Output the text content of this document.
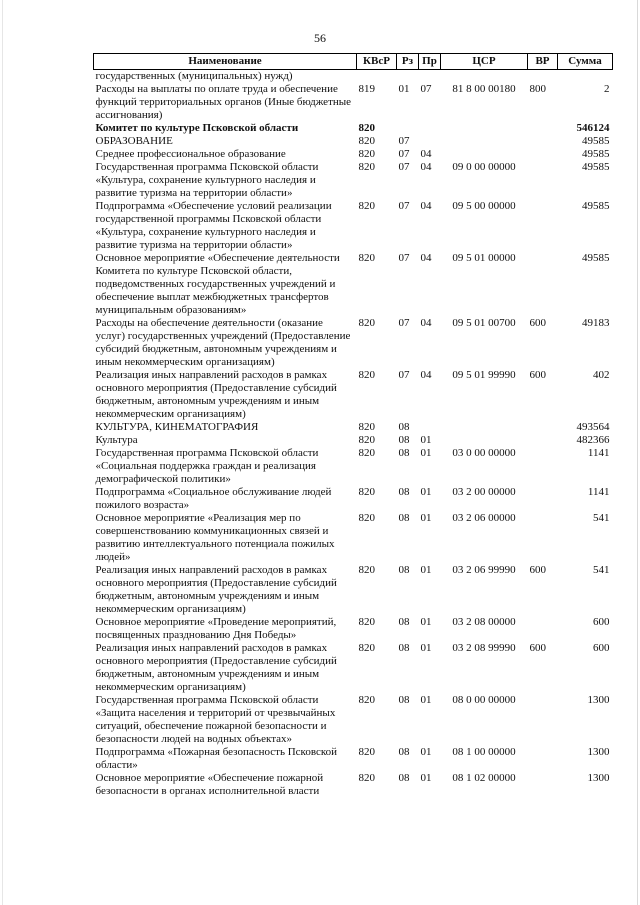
56
Наименование	КВсР	Рз	Пр	ЦСР	ВР	Сумма
государственных (муниципальных) нужд)						
Расходы на выплаты по оплате труда и обеспечение функций территориальных органов (Иные бюджетные ассигнования)	819	01	07	81 8 00 00180	800	2
Комитет по культуре Псковской области	820					546124
ОБРАЗОВАНИЕ	820	07				49585
Среднее профессиональное образование	820	07	04			49585
Государственная программа Псковской области «Культура, сохранение культурного наследия и развитие туризма на территории области»	820	07	04	09 0 00 00000		49585
Подпрограмма «Обеспечение условий реализации государственной программы Псковской области «Культура, сохранение культурного наследия и развитие туризма на территории области»	820	07	04	09 5 00 00000		49585
Основное мероприятие «Обеспечение деятельности Комитета по культуре Псковской области, подведомственных государственных учреждений и обеспечение выплат межбюджетных трансфертов муниципальным образованиям»	820	07	04	09 5 01 00000		49585
Расходы на обеспечение деятельности (оказание услуг) государственных учреждений (Предоставление субсидий бюджетным, автономным учреждениям и иным некоммерческим организациям)	820	07	04	09 5 01 00700	600	49183
Реализация иных направлений расходов в рамках основного мероприятия (Предоставление субсидий бюджетным, автономным учреждениям и иным некоммерческим организациям)	820	07	04	09 5 01 99990	600	402
КУЛЬТУРА, КИНЕМАТОГРАФИЯ	820	08				493564
Культура	820	08	01			482366
Государственная программа Псковской области «Социальная поддержка граждан и реализация демографической политики»	820	08	01	03 0 00 00000		1141
Подпрограмма «Социальное обслуживание людей пожилого возраста»	820	08	01	03 2 00 00000		1141
Основное мероприятие «Реализация мер по совершенствованию коммуникационных связей и развитию интеллектуального потенциала пожилых людей»	820	08	01	03 2 06 00000		541
Реализация иных направлений расходов в рамках основного мероприятия (Предоставление субсидий бюджетным, автономным учреждениям и иным некоммерческим организациям)	820	08	01	03 2 06 99990	600	541
Основное мероприятие «Проведение мероприятий, посвященных празднованию Дня Победы»	820	08	01	03 2 08 00000		600
Реализация иных направлений расходов в рамках основного мероприятия (Предоставление субсидий бюджетным, автономным учреждениям и иным некоммерческим организациям)	820	08	01	03 2 08 99990	600	600
Государственная программа Псковской области «Защита населения и территорий от чрезвычайных ситуаций, обеспечение пожарной безопасности и безопасности людей на водных объектах»	820	08	01	08 0 00 00000		1300
Подпрограмма «Пожарная безопасность Псковской области»	820	08	01	08 1 00 00000		1300
Основное мероприятие «Обеспечение пожарной безопасности в органах исполнительной власти	820	08	01	08 1 02 00000		1300
